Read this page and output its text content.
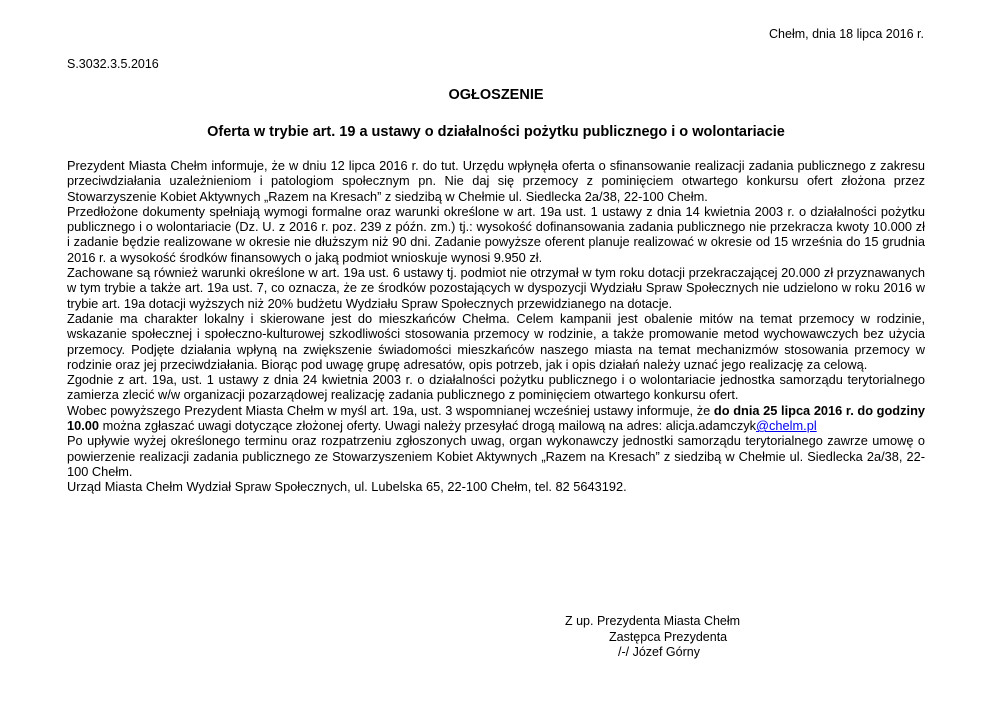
Chełm, dnia 18 lipca 2016 r.
S.3032.3.5.2016
OGŁOSZENIE
Oferta w trybie art. 19 a ustawy o działalności pożytku publicznego i o wolontariacie

Prezydent Miasta Chełm informuje, że w dniu 12 lipca 2016 r. do tut. Urzędu wpłynęła oferta o sfinansowanie realizacji zadania publicznego z zakresu przeciwdziałania uzależnieniom i patologiom społecznym pn. Nie daj się przemocy z pominięciem otwartego konkursu ofert złożona przez Stowarzyszenie Kobiet Aktywnych „Razem na Kresach” z siedzibą w Chełmie ul. Siedlecka 2a/38, 22-100 Chełm.

Przedłożone dokumenty spełniają wymogi formalne oraz warunki określone w art. 19a ust. 1 ustawy z dnia 14 kwietnia 2003 r. o działalności pożytku publicznego i o wolontariacie (Dz. U. z 2016 r. poz. 239 z późn. zm.) tj.: wysokość dofinansowania zadania publicznego nie przekracza kwoty 10.000 zł i zadanie będzie realizowane w okresie nie dłuższym niż 90 dni. Zadanie powyższe oferent planuje realizować w okresie od 15 września do 15 grudnia 2016 r. a wysokość środków finansowych o jaką podmiot wnioskuje wynosi 9.950 zł.

Zachowane są również warunki określone w art. 19a ust. 6 ustawy tj. podmiot nie otrzymał w tym roku dotacji przekraczającej 20.000 zł przyznawanych w tym trybie a także art. 19a ust. 7, co oznacza, że ze środków pozostających w dyspozycji Wydziału Spraw Społecznych nie udzielono w roku 2016 w trybie art. 19a dotacji wyższych niż 20% budżetu Wydziału Spraw Społecznych przewidzianego na dotacje.

Zadanie ma charakter lokalny i skierowane jest do mieszkańców Chełma. Celem kampanii jest obalenie mitów na temat przemocy w rodzinie, wskazanie społecznej i społeczno-kulturowej szkodliwości stosowania przemocy w rodzinie, a także promowanie metod wychowawczych bez użycia przemocy. Podjęte działania wpłyną na zwiększenie świadomości mieszkańców naszego miasta na temat mechanizmów stosowania przemocy w rodzinie oraz jej przeciwdziałania. Biorąc pod uwagę grupę adresatów, opis potrzeb, jak i opis działań należy uznać jego realizację za celową.

Zgodnie z art. 19a, ust. 1 ustawy z dnia 24 kwietnia 2003 r. o działalności pożytku publicznego i o wolontariacie jednostka samorządu terytorialnego zamierza zlecić w/w organizacji pozarządowej realizację zadania publicznego z pominięciem otwartego konkursu ofert.

Wobec powyższego Prezydent Miasta Chełm w myśl art. 19a, ust. 3 wspomnianej wcześniej ustawy informuje, że do dnia 25 lipca 2016 r. do godziny 10.00 można zgłaszać uwagi dotyczące złożonej oferty. Uwagi należy przesyłać drogą mailową na adres: alicja.adamczyk@chelm.pl

Po upływie wyżej określonego terminu oraz rozpatrzeniu zgłoszonych uwag, organ wykonawczy jednostki samorządu terytorialnego zawrze umowę o powierzenie realizacji zadania publicznego ze Stowarzyszeniem Kobiet Aktywnych „Razem na Kresach” z siedzibą w Chełmie ul. Siedlecka 2a/38, 22-100 Chełm.

Urząd Miasta Chełm Wydział Spraw Społecznych, ul. Lubelska 65, 22-100 Chełm, tel. 82 5643192.

Z up. Prezydenta Miasta Chełm
Zastępca Prezydenta
/-/ Józef Górny
